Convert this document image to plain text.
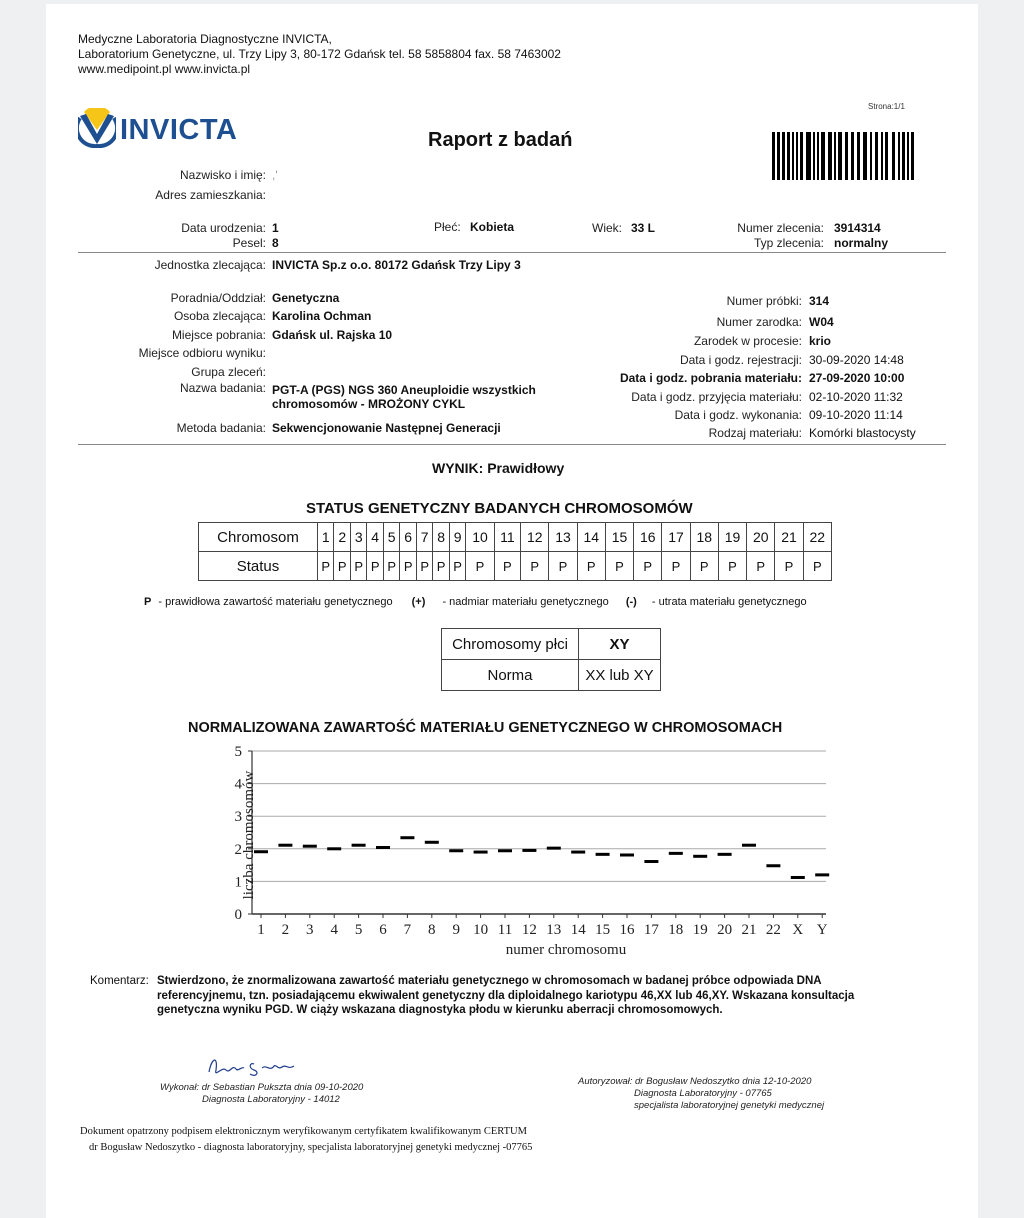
Medyczne Laboratoria Diagnostyczne INVICTA,
Laboratorium Genetyczne, ul. Trzy Lipy 3, 80-172 Gdańsk tel. 58 5858804 fax. 58 7463002
www.medipoint.pl www.invicta.pl
INVICTA
Strona:1/1
Raport z badań
Nazwisko i imię: ,'
Adres zamieszkania:
Data urodzenia: 1
Pesel: 8
Płeć: Kobieta	Wiek: 33 L	Numer zlecenia: 3914314
Typ zlecenia: normalny
Jednostka zlecająca: INVICTA Sp.z o.o. 80172 Gdańsk Trzy Lipy 3
Poradnia/Oddział: Genetyczna
Osoba zlecająca: Karolina Ochman
Miejsce pobrania: Gdańsk ul. Rajska 10
Miejsce odbioru wyniku:
Grupa zleceń:
Nazwa badania: PGT-A (PGS) NGS 360 Aneuploidie wszystkich
chromosomów - MROŻONY CYKL
Metoda badania: Sekwencjonowanie Następnej Generacji
Numer próbki: 314
Numer zarodka: W04
Zarodek w procesie: krio
Data i godz. rejestracji: 30-09-2020 14:48
Data i godz. pobrania materiału: 27-09-2020 10:00
Data i godz. przyjęcia materiału: 02-10-2020 11:32
Data i godz. wykonania: 09-10-2020 11:14
Rodzaj materiału: Komórki blastocysty
WYNIK: Prawidłowy
STATUS GENETYCZNY BADANYCH CHROMOSOMÓW
Chromosom	1	2	3	4	5	6	7	8	9	10	11	12	13	14	15	16	17	18	19	20	21	22
Status	P	P	P	P	P	P	P	P	P	P	P	P	P	P	P	P	P	P	P	P	P	P
P - prawidłowa zawartość materiału genetycznego (+) - nadmiar materiału genetycznego (-) - utrata materiału genetycznego
Chromosomy płci	XY
Norma	XX lub XY
NORMALIZOWANA ZAWARTOŚĆ MATERIAŁU GENETYCZNEGO W CHROMOSOMACH
0
1
2
3
4
5
1 2 3 4 5 6 7 8 9 10 11 12 13 14 15 16 17 18 19 20 21 22 X Y
numer chromosomu
liczba chromosomów
Komentarz: Stwierdzono, że znormalizowana zawartość materiału genetycznego w chromosomach w badanej próbce odpowiada DNA
referencyjnemu, tzn. posiadającemu ekwiwalent genetyczny dla diploidalnego kariotypu 46,XX lub 46,XY. Wskazana konsultacja
genetyczna wyniku PGD. W ciąży wskazana diagnostyka płodu w kierunku aberracji chromosomowych.
Wykonał: dr Sebastian Pukszta dnia 09-10-2020
Diagnosta Laboratoryjny - 14012
Autoryzował: dr Bogusław Nedoszytko dnia 12-10-2020
Diagnosta Laboratoryjny - 07765
specjalista laboratoryjnej genetyki medycznej
Dokument opatrzony podpisem elektronicznym weryfikowanym certyfikatem kwalifikowanym CERTUM
dr Bogusław Nedoszytko - diagnosta laboratoryjny, specjalista laboratoryjnej genetyki medycznej -07765
